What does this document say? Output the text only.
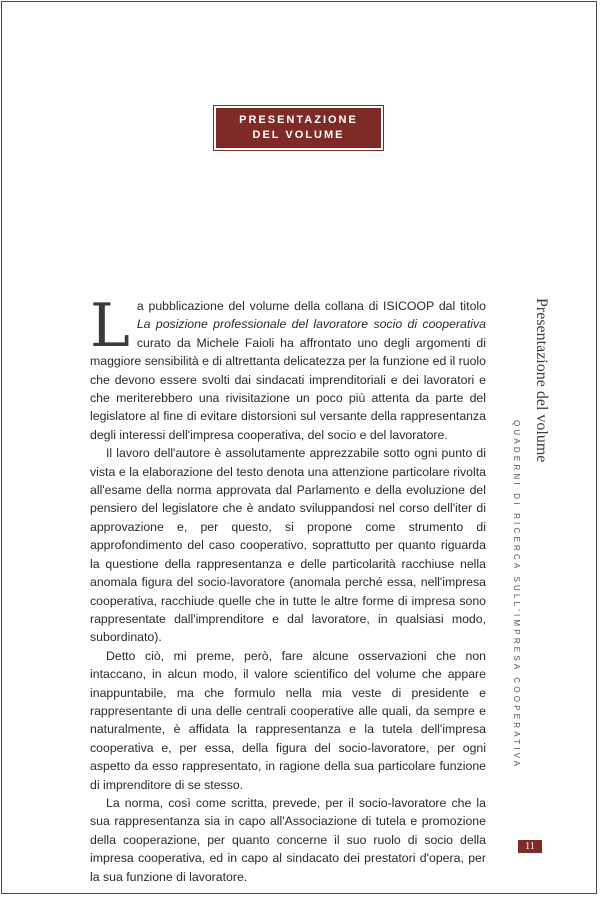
PRESENTAZIONE
DEL VOLUME

La pubblicazione del volume della collana di ISICOOP dal titolo La posizione professionale del lavoratore socio di cooperativa curato da Michele Faioli ha affrontato uno degli argomenti di maggiore sensibilità e di altrettanta delicatezza per la funzione ed il ruolo che devono essere svolti dai sindacati imprenditoriali e dei lavoratori e che meriterebbero una rivisitazione un poco più attenta da parte del legislatore al fine di evitare distorsioni sul versante della rappresentanza degli interessi dell'impresa cooperativa, del socio e del lavoratore.

Il lavoro dell'autore è assolutamente apprezzabile sotto ogni punto di vista e la elaborazione del testo denota una attenzione particolare rivolta all'esame della norma approvata dal Parlamento e della evoluzione del pensiero del legislatore che è andato sviluppandosi nel corso dell'iter di approvazione e, per questo, si propone come strumento di approfondimento del caso cooperativo, soprattutto per quanto riguarda la questione della rappresentanza e delle particolarità racchiuse nella anomala figura del socio-lavoratore (anomala perché essa, nell'impresa cooperativa, racchiude quelle che in tutte le altre forme di impresa sono rappresentate dall'imprenditore e dal lavoratore, in qualsiasi modo, subordinato).

Detto ciò, mi preme, però, fare alcune osservazioni che non intaccano, in alcun modo, il valore scientifico del volume che appare inappuntabile, ma che formulo nella mia veste di presidente e rappresentante di una delle centrali cooperative alle quali, da sempre e naturalmente, è affidata la rappresentanza e la tutela dell'impresa cooperativa e, per essa, della figura del socio-lavoratore, per ogni aspetto da esso rappresentato, in ragione della sua particolare funzione di imprenditore di se stesso.

La norma, così come scritta, prevede, per il socio-lavoratore che la sua rappresentanza sia in capo all'Associazione di tutela e promozione della cooperazione, per quanto concerne il suo ruolo di socio della impresa cooperativa, ed in capo al sindacato dei prestatori d'opera, per la sua funzione di lavoratore.

Presentazione del volume
QUADERNI DI RICERCA SULL'IMPRESA COOPERATIVA
11
